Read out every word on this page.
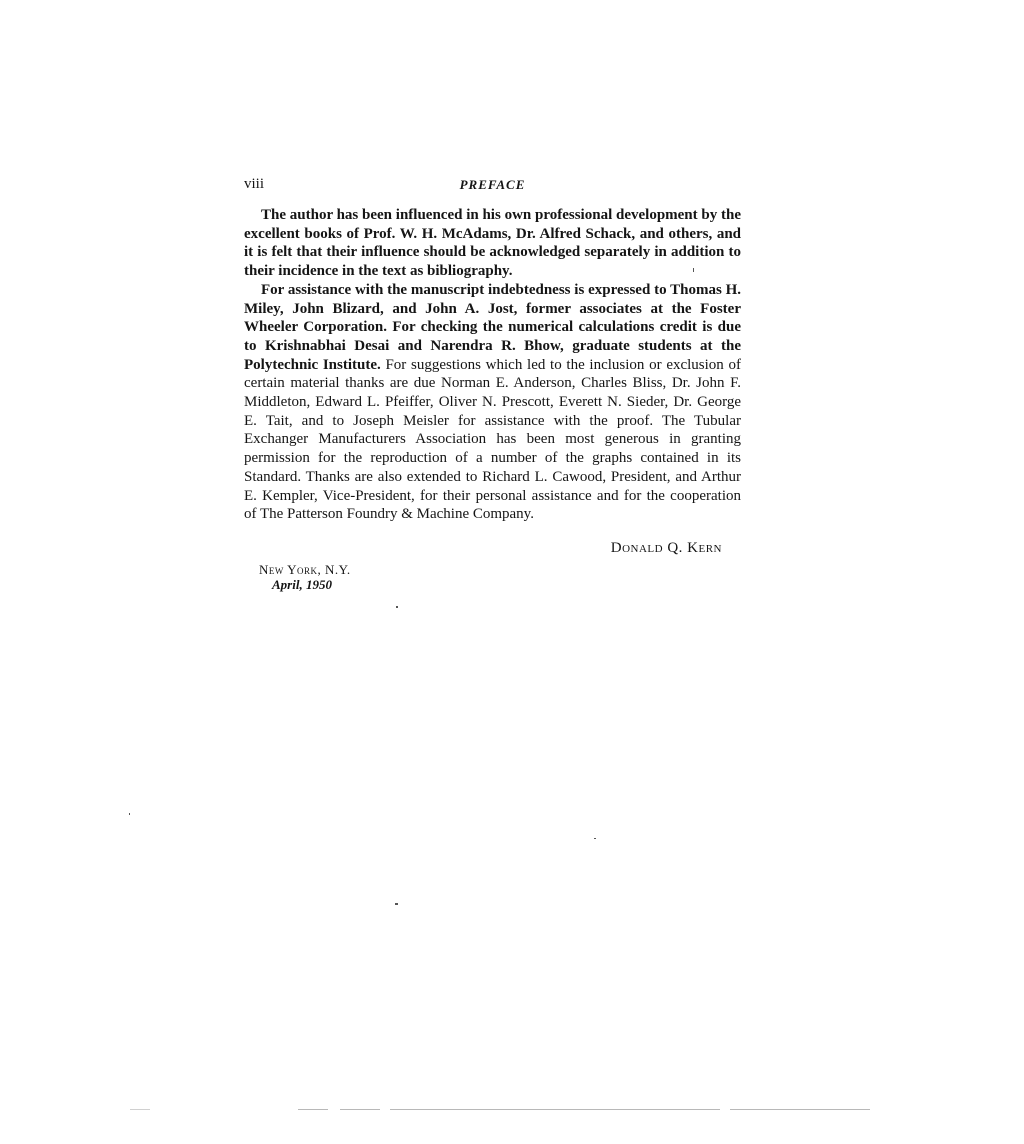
viii	PREFACE

The author has been influenced in his own professional development by the excellent books of Prof. W. H. McAdams, Dr. Alfred Schack, and others, and it is felt that their influence should be acknowledged separately in addition to their incidence in the text as bibliography.

For assistance with the manuscript indebtedness is expressed to Thomas H. Miley, John Blizard, and John A. Jost, former associates at the Foster Wheeler Corporation. For checking the numerical calculations credit is due to Krishnabhai Desai and Narendra R. Bhow, graduate students at the Polytechnic Institute. For suggestions which led to the inclusion or exclusion of certain material thanks are due Norman E. Anderson, Charles Bliss, Dr. John F. Middleton, Edward L. Pfeiffer, Oliver N. Prescott, Everett N. Sieder, Dr. George E. Tait, and to Joseph Meisler for assistance with the proof. The Tubular Exchanger Manufacturers Association has been most generous in granting permission for the reproduction of a number of the graphs contained in its Standard. Thanks are also extended to Richard L. Cawood, President, and Arthur E. Kempler, Vice-President, for their personal assistance and for the cooperation of The Patterson Foundry & Machine Company.

Donald Q. Kern
New York, N.Y.
April, 1950
